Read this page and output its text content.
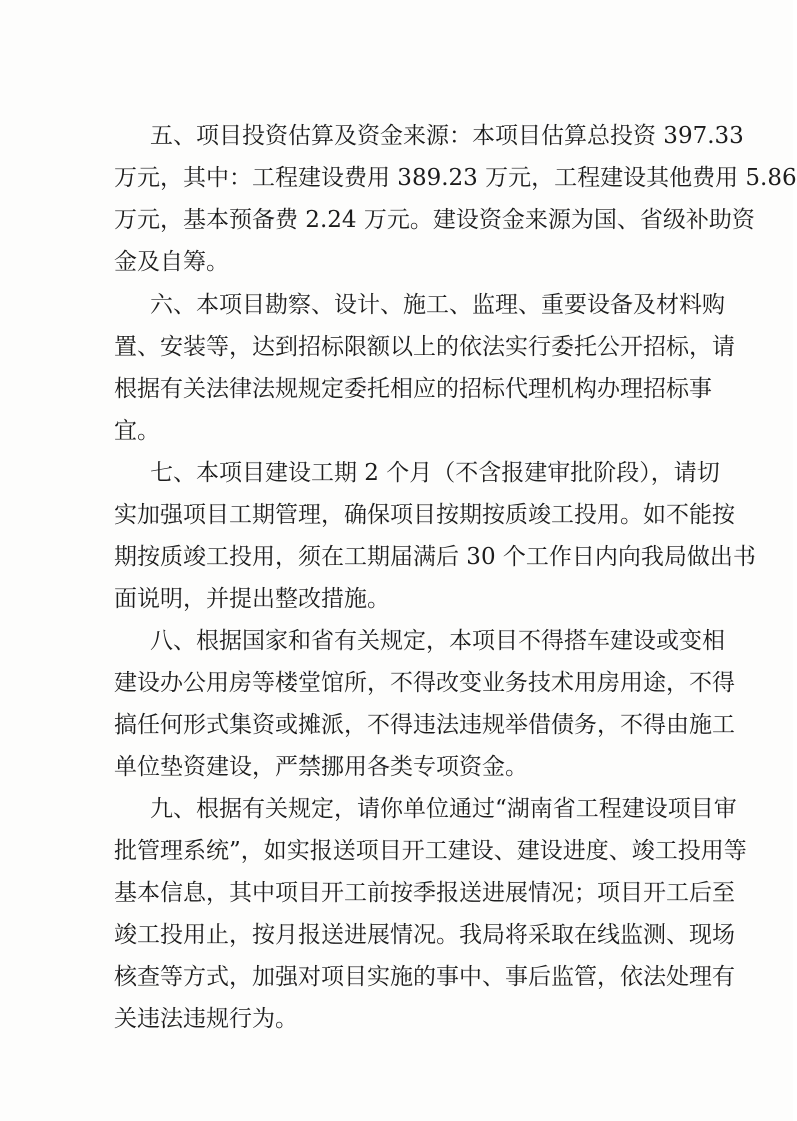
五、项目投资估算及资金来源：本项目估算总投资 397.33
万元，其中：工程建设费用 389.23 万元，工程建设其他费用 5.86
万元，基本预备费 2.24 万元。建设资金来源为国、省级补助资
金及自筹。
六、本项目勘察、设计、施工、监理、重要设备及材料购
置、安装等，达到招标限额以上的依法实行委托公开招标，请
根据有关法律法规规定委托相应的招标代理机构办理招标事
宜。
七、本项目建设工期 2 个月（不含报建审批阶段），请切
实加强项目工期管理，确保项目按期按质竣工投用。如不能按
期按质竣工投用，须在工期届满后 30 个工作日内向我局做出书
面说明，并提出整改措施。
八、根据国家和省有关规定，本项目不得搭车建设或变相
建设办公用房等楼堂馆所，不得改变业务技术用房用途，不得
搞任何形式集资或摊派，不得违法违规举借债务，不得由施工
单位垫资建设，严禁挪用各类专项资金。
九、根据有关规定，请你单位通过“湖南省工程建设项目审
批管理系统”，如实报送项目开工建设、建设进度、竣工投用等
基本信息，其中项目开工前按季报送进展情况；项目开工后至
竣工投用止，按月报送进展情况。我局将采取在线监测、现场
核查等方式，加强对项目实施的事中、事后监管，依法处理有
关违法违规行为。
